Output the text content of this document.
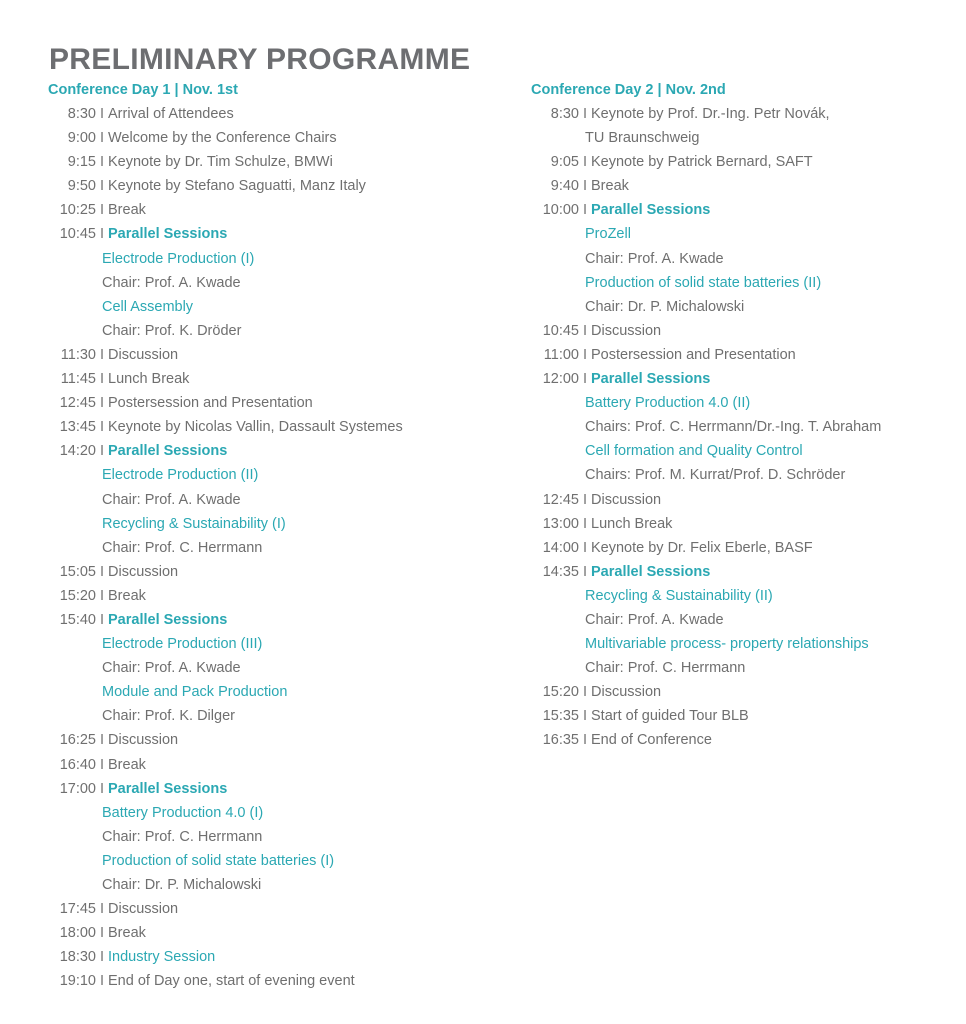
PRELIMINARY PROGRAMME
Conference Day 1 | Nov. 1st
8:30 I Arrival of Attendees
9:00 I Welcome by the Conference Chairs
9:15 I Keynote by Dr. Tim Schulze, BMWi
9:50 I Keynote by Stefano Saguatti, Manz Italy
10:25 I Break
10:45 I Parallel Sessions
Electrode Production (I)
Chair: Prof. A. Kwade
Cell Assembly
Chair: Prof. K. Dröder
11:30 I Discussion
11:45 I Lunch Break
12:45 I Postersession and Presentation
13:45 I Keynote by Nicolas Vallin, Dassault Systemes
14:20 I Parallel Sessions
Electrode Production (II)
Chair: Prof. A. Kwade
Recycling & Sustainability (I)
Chair: Prof. C. Herrmann
15:05 I Discussion
15:20 I Break
15:40 I Parallel Sessions
Electrode Production (III)
Chair: Prof. A. Kwade
Module and Pack Production
Chair: Prof. K. Dilger
16:25 I Discussion
16:40 I Break
17:00 I Parallel Sessions
Battery Production 4.0 (I)
Chair: Prof. C. Herrmann
Production of solid state batteries (I)
Chair: Dr. P. Michalowski
17:45 I Discussion
18:00 I Break
18:30 I Industry Session
19:10 I End of Day one, start of evening event
Conference Day 2 | Nov. 2nd
8:30 I Keynote by Prof. Dr.-Ing. Petr Novák,
TU Braunschweig
9:05 I Keynote by Patrick Bernard, SAFT
9:40 I Break
10:00 I Parallel Sessions
ProZell
Chair: Prof. A. Kwade
Production of solid state batteries (II)
Chair: Dr. P. Michalowski
10:45 I Discussion
11:00 I Postersession and Presentation
12:00 I Parallel Sessions
Battery Production 4.0 (II)
Chairs: Prof. C. Herrmann/Dr.-Ing. T. Abraham
Cell formation and Quality Control
Chairs: Prof. M. Kurrat/Prof. D. Schröder
12:45 I Discussion
13:00 I Lunch Break
14:00 I Keynote by Dr. Felix Eberle, BASF
14:35 I Parallel Sessions
Recycling & Sustainability (II)
Chair: Prof. A. Kwade
Multivariable process- property relationships
Chair: Prof. C. Herrmann
15:20 I Discussion
15:35 I Start of guided Tour BLB
16:35 I End of Conference
